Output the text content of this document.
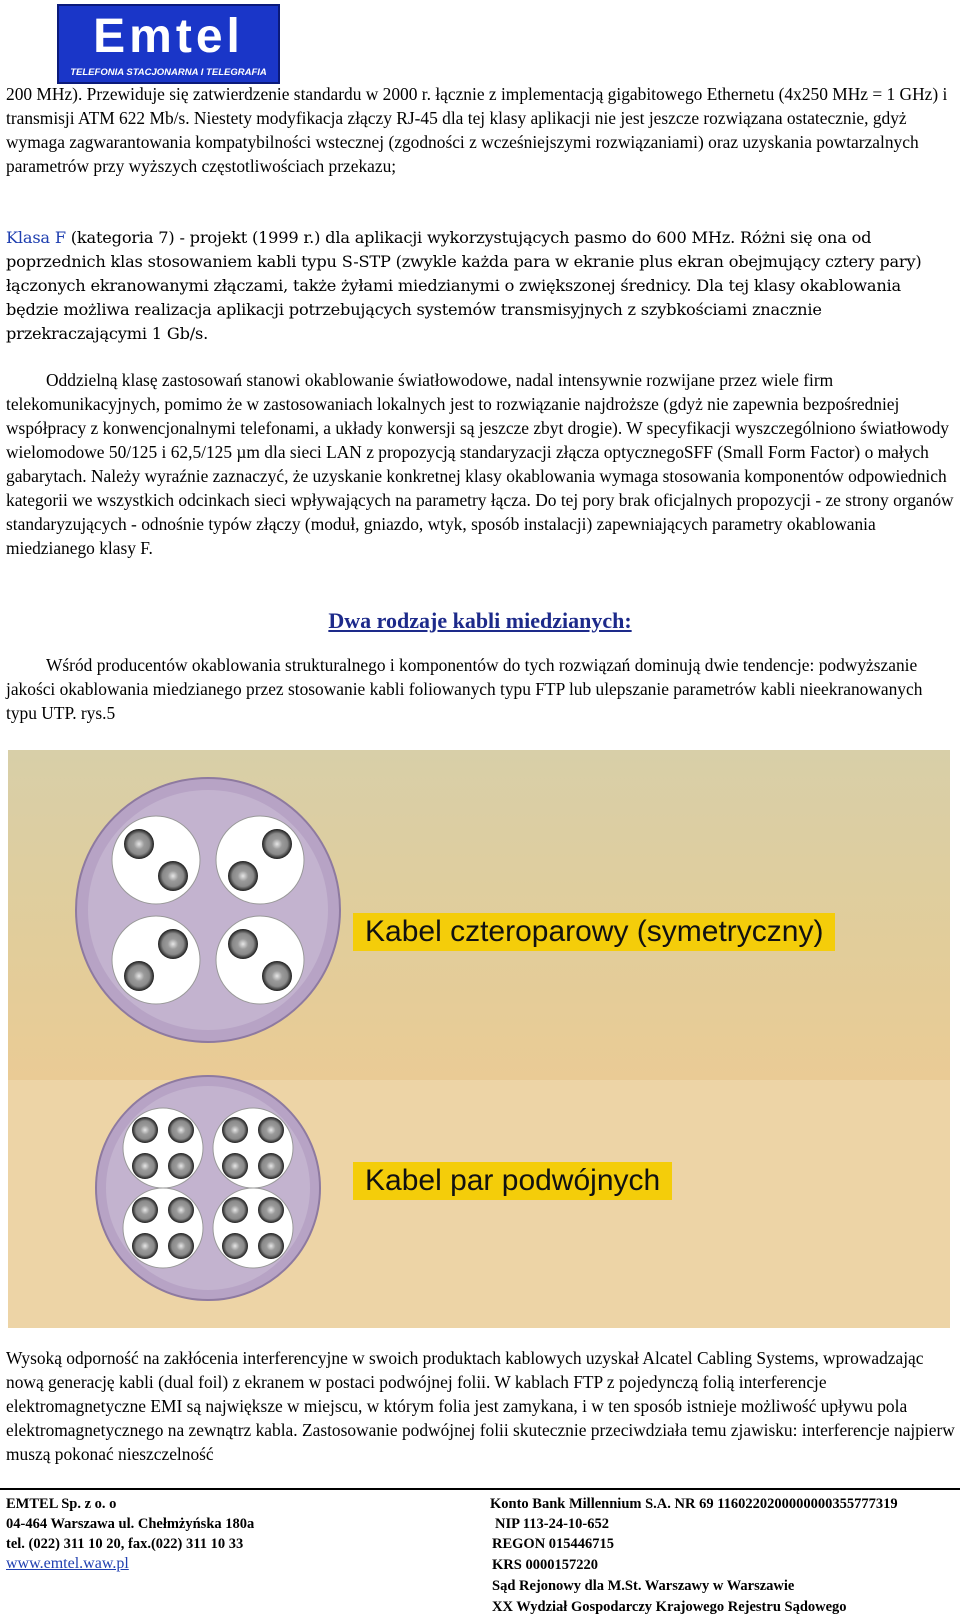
Emtel
TELEFONIA STACJONARNA I TELEGRAFIA

200 MHz). Przewiduje się zatwierdzenie standardu w 2000 r. łącznie z implementacją gigabitowego Ethernetu (4x250 MHz = 1 GHz) i transmisji ATM 622 Mb/s. Niestety modyfikacja złączy RJ-45 dla tej klasy aplikacji nie jest jeszcze rozwiązana ostatecznie, gdyż wymaga zagwarantowania kompatybilności wstecznej (zgodności z wcześniejszymi rozwiązaniami) oraz uzyskania powtarzalnych parametrów przy wyższych częstotliwościach przekazu;

Klasa F (kategoria 7) - projekt (1999 r.) dla aplikacji wykorzystujących pasmo do 600 MHz. Różni się ona od poprzednich klas stosowaniem kabli typu S-STP (zwykle każda para w ekranie plus ekran obejmujący cztery pary) łączonych ekranowanymi złączami, także żyłami miedzianymi o zwiększonej średnicy. Dla tej klasy okablowania będzie możliwa realizacja aplikacji potrzebujących systemów transmisyjnych z szybkościami znacznie przekraczającymi 1 Gb/s.

Oddzielną klasę zastosowań stanowi okablowanie światłowodowe, nadal intensywnie rozwijane przez wiele firm telekomunikacyjnych, pomimo że w zastosowaniach lokalnych jest to rozwiązanie najdroższe (gdyż nie zapewnia bezpośredniej współpracy z konwencjonalnymi telefonami, a układy konwersji są jeszcze zbyt drogie). W specyfikacji wyszczególniono światłowody wielomodowe 50/125 i 62,5/125 µm dla sieci LAN z propozycją standaryzacji złącza optycznegoSFF (Small Form Factor) o małych gabarytach. Należy wyraźnie zaznaczyć, że uzyskanie konkretnej klasy okablowania wymaga stosowania komponentów odpowiednich kategorii we wszystkich odcinkach sieci wpływających na parametry łącza. Do tej pory brak oficjalnych propozycji - ze strony organów standaryzujących - odnośnie typów złączy (moduł, gniazdo, wtyk, sposób instalacji) zapewniających parametry okablowania miedzianego klasy F.

Dwa rodzaje kabli miedzianych:

Wśród producentów okablowania strukturalnego i komponentów do tych rozwiązań dominują dwie tendencje: podwyższanie jakości okablowania miedzianego przez stosowanie kabli foliowanych typu FTP lub ulepszanie parametrów kabli nieekranowanych typu UTP. rys.5

Kabel czteroparowy (symetryczny)
Kabel par podwójnych

Wysoką odporność na zakłócenia interferencyjne w swoich produktach kablowych uzyskał Alcatel Cabling Systems, wprowadzając nową generację kabli (dual foil) z ekranem w postaci podwójnej folii. W kablach FTP z pojedynczą folią interferencje elektromagnetyczne EMI są największe w miejscu, w którym folia jest zamykana, i w ten sposób istnieje możliwość upływu pola elektromagnetycznego na zewnątrz kabla. Zastosowanie podwójnej folii skutecznie przeciwdziała temu zjawisku: interferencje najpierw muszą pokonać nieszczelność

EMTEL Sp. z o. o

04-464 Warszawa ul. Chełmżyńska 180a

tel. (022) 311 10 20, fax.(022) 311 10 33

www.emtel.waw.pl

Konto Bank Millennium S.A. NR 69 1160220200000000355777319

NIP 113-24-10-652

REGON 015446715

KRS 0000157220

Sąd Rejonowy dla M.St. Warszawy w Warszawie

XX Wydział Gospodarczy Krajowego Rejestru Sądowego
